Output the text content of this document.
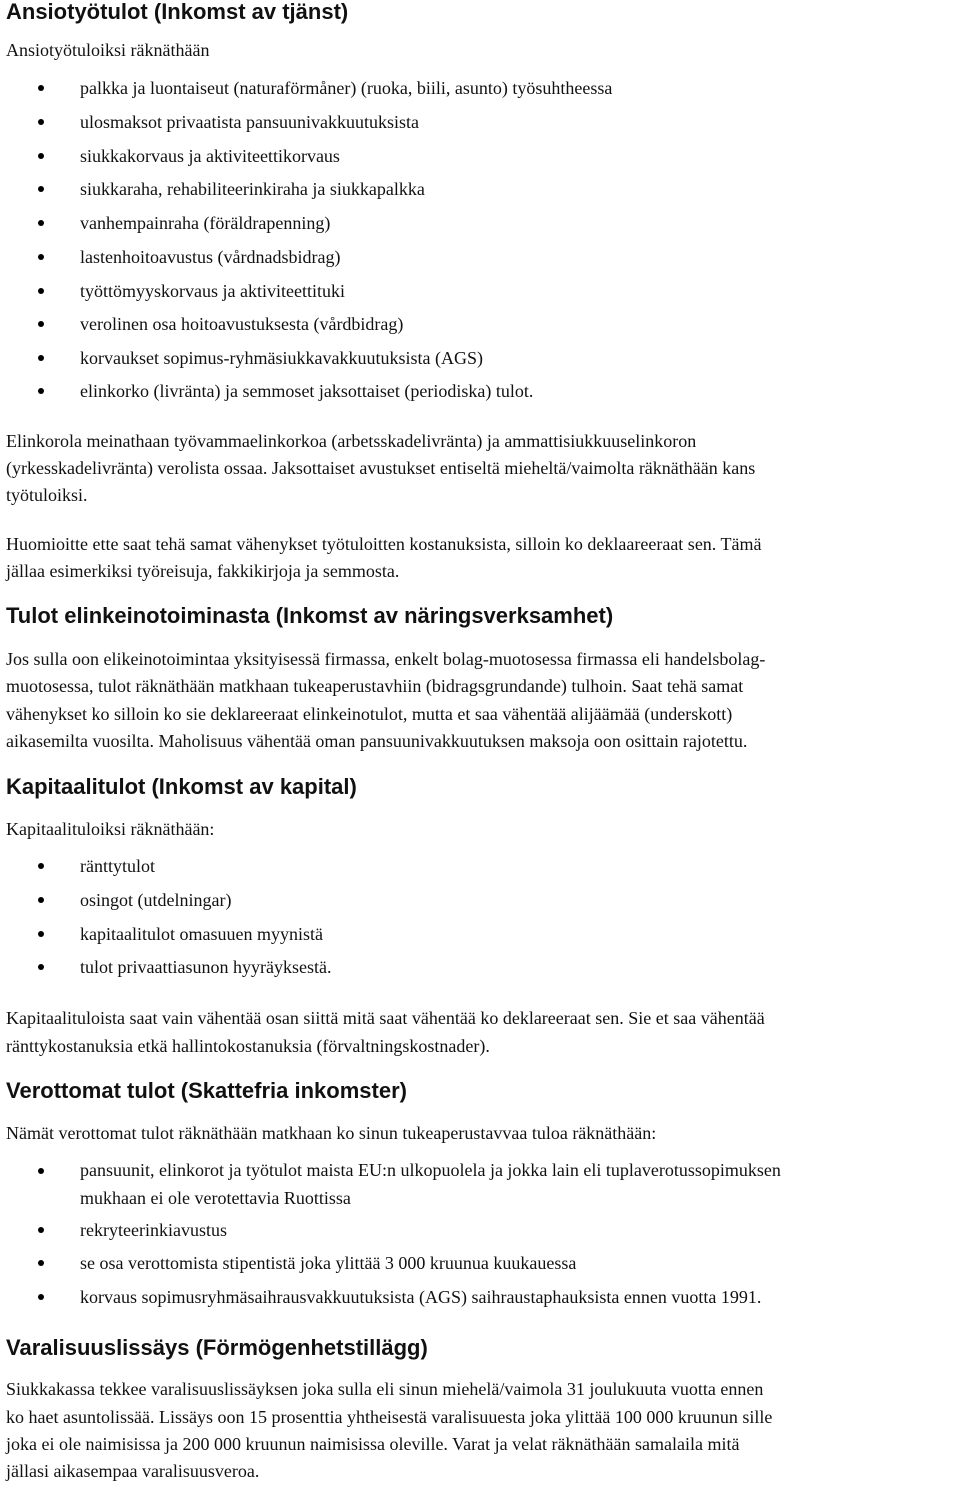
Ansiotyötulot (Inkomst av tjänst)

Ansiotyötuloiksi räknäthään

palkka ja luontaiseut (naturaförmåner) (ruoka, biili, asunto) työsuhtheessa
ulosmaksot privaatista pansuunivakkuutuksista
siukkakorvaus ja aktiviteettikorvaus
siukkaraha, rehabiliteerinkiraha ja siukkapalkka
vanhempainraha (föräldrapenning)
lastenhoitoavustus (vårdnadsbidrag)
työttömyyskorvaus ja aktiviteettituki
verolinen osa hoitoavustuksesta (vårdbidrag)
korvaukset sopimus-ryhmäsiukkavakkuutuksista (AGS)
elinkorko (livränta) ja semmoset jaksottaiset (periodiska) tulot.

Elinkorola meinathaan työvammaelinkorkoa (arbetsskadelivränta) ja ammattisiukkuuselinkoron

(yrkesskadelivränta) verolista ossaa. Jaksottaiset avustukset entiseltä mieheltä/vaimolta räknäthään kans

työtuloiksi.

Huomioitte ette saat tehä samat vähenykset työtuloitten kostanuksista, silloin ko deklaareeraat sen. Tämä

jällaa esimerkiksi työreisuja, fakkikirjoja ja semmosta.

Tulot elinkeinotoiminasta (Inkomst av näringsverksamhet)

Jos sulla oon elikeinotoimintaa yksityisessä firmassa, enkelt bolag-muotosessa firmassa eli handelsbolag-

muotosessa, tulot räknäthään matkhaan tukeaperustavhiin (bidragsgrundande) tulhoin. Saat tehä samat

vähenykset ko silloin ko sie deklareeraat elinkeinotulot, mutta et saa vähentää alijäämää (underskott)

aikasemilta vuosilta. Maholisuus vähentää oman pansuunivakkuutuksen maksoja oon osittain rajotettu.

Kapitaalitulot (Inkomst av kapital)

Kapitaalituloiksi räknäthään:

ränttytulot
osingot (utdelningar)
kapitaalitulot omasuuen myynistä
tulot privaattiasunon hyyräyksestä.

Kapitaalituloista saat vain vähentää osan siittä mitä saat vähentää ko deklareeraat sen. Sie et saa vähentää

ränttykostanuksia etkä hallintokostanuksia (förvaltningskostnader).

Verottomat tulot (Skattefria inkomster)

Nämät verottomat tulot räknäthään matkhaan ko sinun tukeaperustavvaa tuloa räknäthään:

pansuunit, elinkorot ja työtulot maista EU:n ulkopuolela ja jokka lain eli tuplaverotussopimuksen
mukhaan ei ole verotettavia Ruottissa
rekryteerinkiavustus
se osa verottomista stipentistä joka ylittää 3 000 kruunua kuukauessa
korvaus sopimusryhmäsaihrausvakkuutuksista (AGS) saihraustaphauksista ennen vuotta 1991.
Varalisuuslissäys (Förmögenhetstillägg)

Siukkakassa tekkee varalisuuslissäyksen joka sulla eli sinun miehelä/vaimola 31 joulukuuta vuotta ennen

ko haet asuntolissää. Lissäys oon 15 prosenttia yhtheisestä varalisuuesta joka ylittää 100 000 kruunun sille

joka ei ole naimisissa ja 200 000 kruunun naimisissa oleville. Varat ja velat räknäthään samalaila mitä

jällasi aikasempaa varalisuusveroa.
